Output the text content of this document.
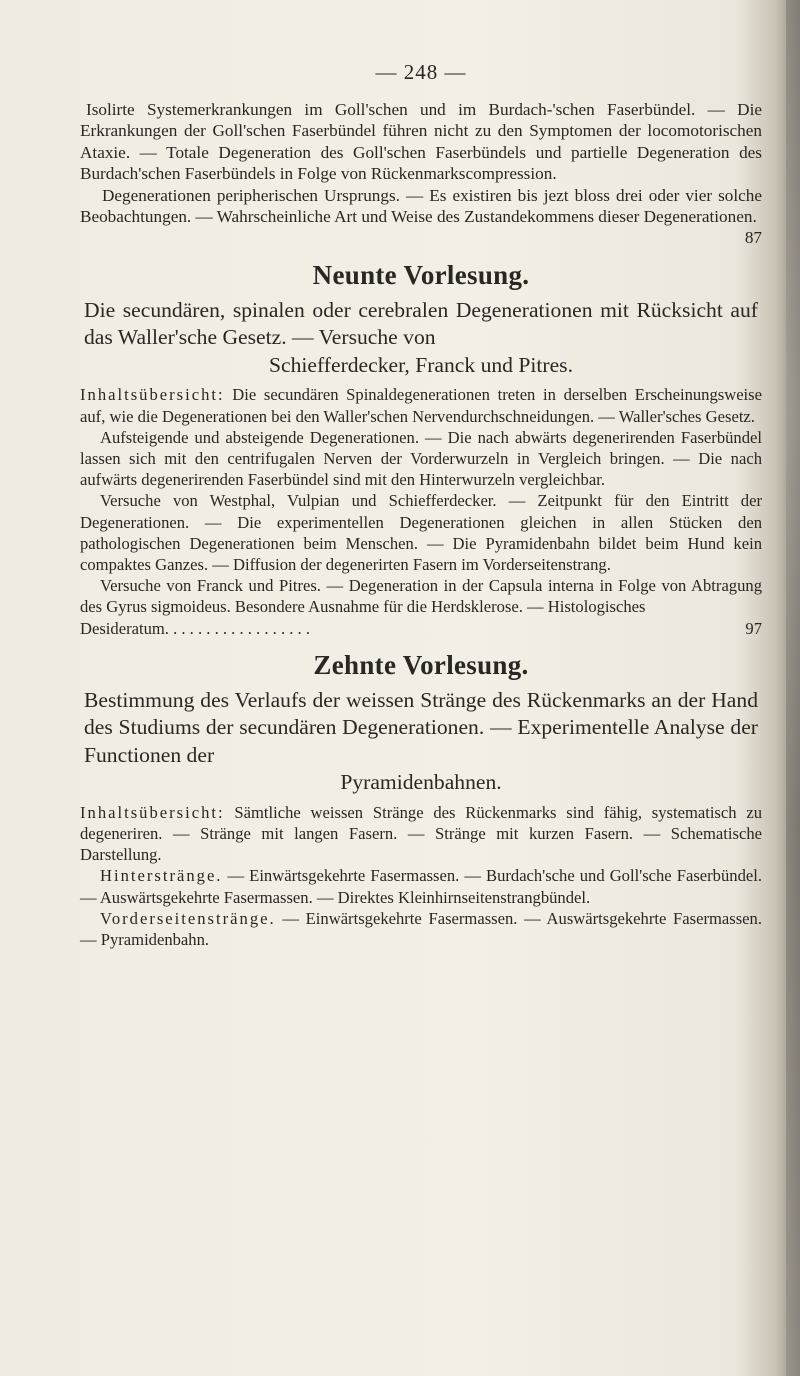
— 248 —

Isolirte Systemerkrankungen im Goll'schen und im Burdach-'schen Faserbündel. — Die Erkrankungen der Goll'schen Faserbündel führen nicht zu den Symptomen der locomotorischen Ataxie. — Totale Degeneration des Goll'schen Faserbündels und partielle Degeneration des Burdach'schen Faserbündels in Folge von Rückenmarkscompression.

Degenerationen peripherischen Ursprungs. — Es existiren bis jezt bloss drei oder vier solche Beobachtungen. — Wahrscheinliche Art und Weise des Zustandekommens dieser Degenerationen.
87

Neunte Vorlesung.

Die secundären, spinalen oder cerebralen Degenerationen mit Rücksicht auf das Waller'sche Gesetz. — Versuche von
Schiefferdecker, Franck und Pitres.

Inhaltsübersicht: Die secundären Spinaldegenerationen treten in derselben Erscheinungsweise auf, wie die Degenerationen bei den Waller'schen Nervendurchschneidungen. — Waller'sches Gesetz.

Aufsteigende und absteigende Degenerationen. — Die nach abwärts degenerirenden Faserbündel lassen sich mit den centrifugalen Nerven der Vorderwurzeln in Vergleich bringen. — Die nach aufwärts degenerirenden Faserbündel sind mit den Hinterwurzeln vergleichbar.

Versuche von Westphal, Vulpian und Schiefferdecker. — Zeitpunkt für den Eintritt der Degenerationen. — Die experimentellen Degenerationen gleichen in allen Stücken den pathologischen Degenerationen beim Menschen. — Die Pyramidenbahn bildet beim Hund kein compaktes Ganzes. — Diffusion der degenerirten Fasern im Vorderseitenstrang.

Versuche von Franck und Pitres. — Degeneration in der Capsula interna in Folge von Abtragung des Gyrus sigmoideus. Besondere Ausnahme für die Herdsklerose. — Histologisches

Desideratum. . . . . . . . . . . . . . . . . .	97
Zehnte Vorlesung.

Bestimmung des Verlaufs der weissen Stränge des Rückenmarks an der Hand des Studiums der secundären Degenerationen. — Experimentelle Analyse der Functionen der
Pyramidenbahnen.

Inhaltsübersicht: Sämtliche weissen Stränge des Rückenmarks sind fähig, systematisch zu degeneriren. — Stränge mit langen Fasern. — Stränge mit kurzen Fasern. — Schematische Darstellung.

Hinterstränge. — Einwärtsgekehrte Fasermassen. — Burdach'sche und Goll'sche Faserbündel. — Auswärtsgekehrte Fasermassen. — Direktes Kleinhirnseitenstrangbündel.

Vorderseitenstränge. — Einwärtsgekehrte Fasermassen. — Auswärtsgekehrte Fasermassen. — Pyramidenbahn.
